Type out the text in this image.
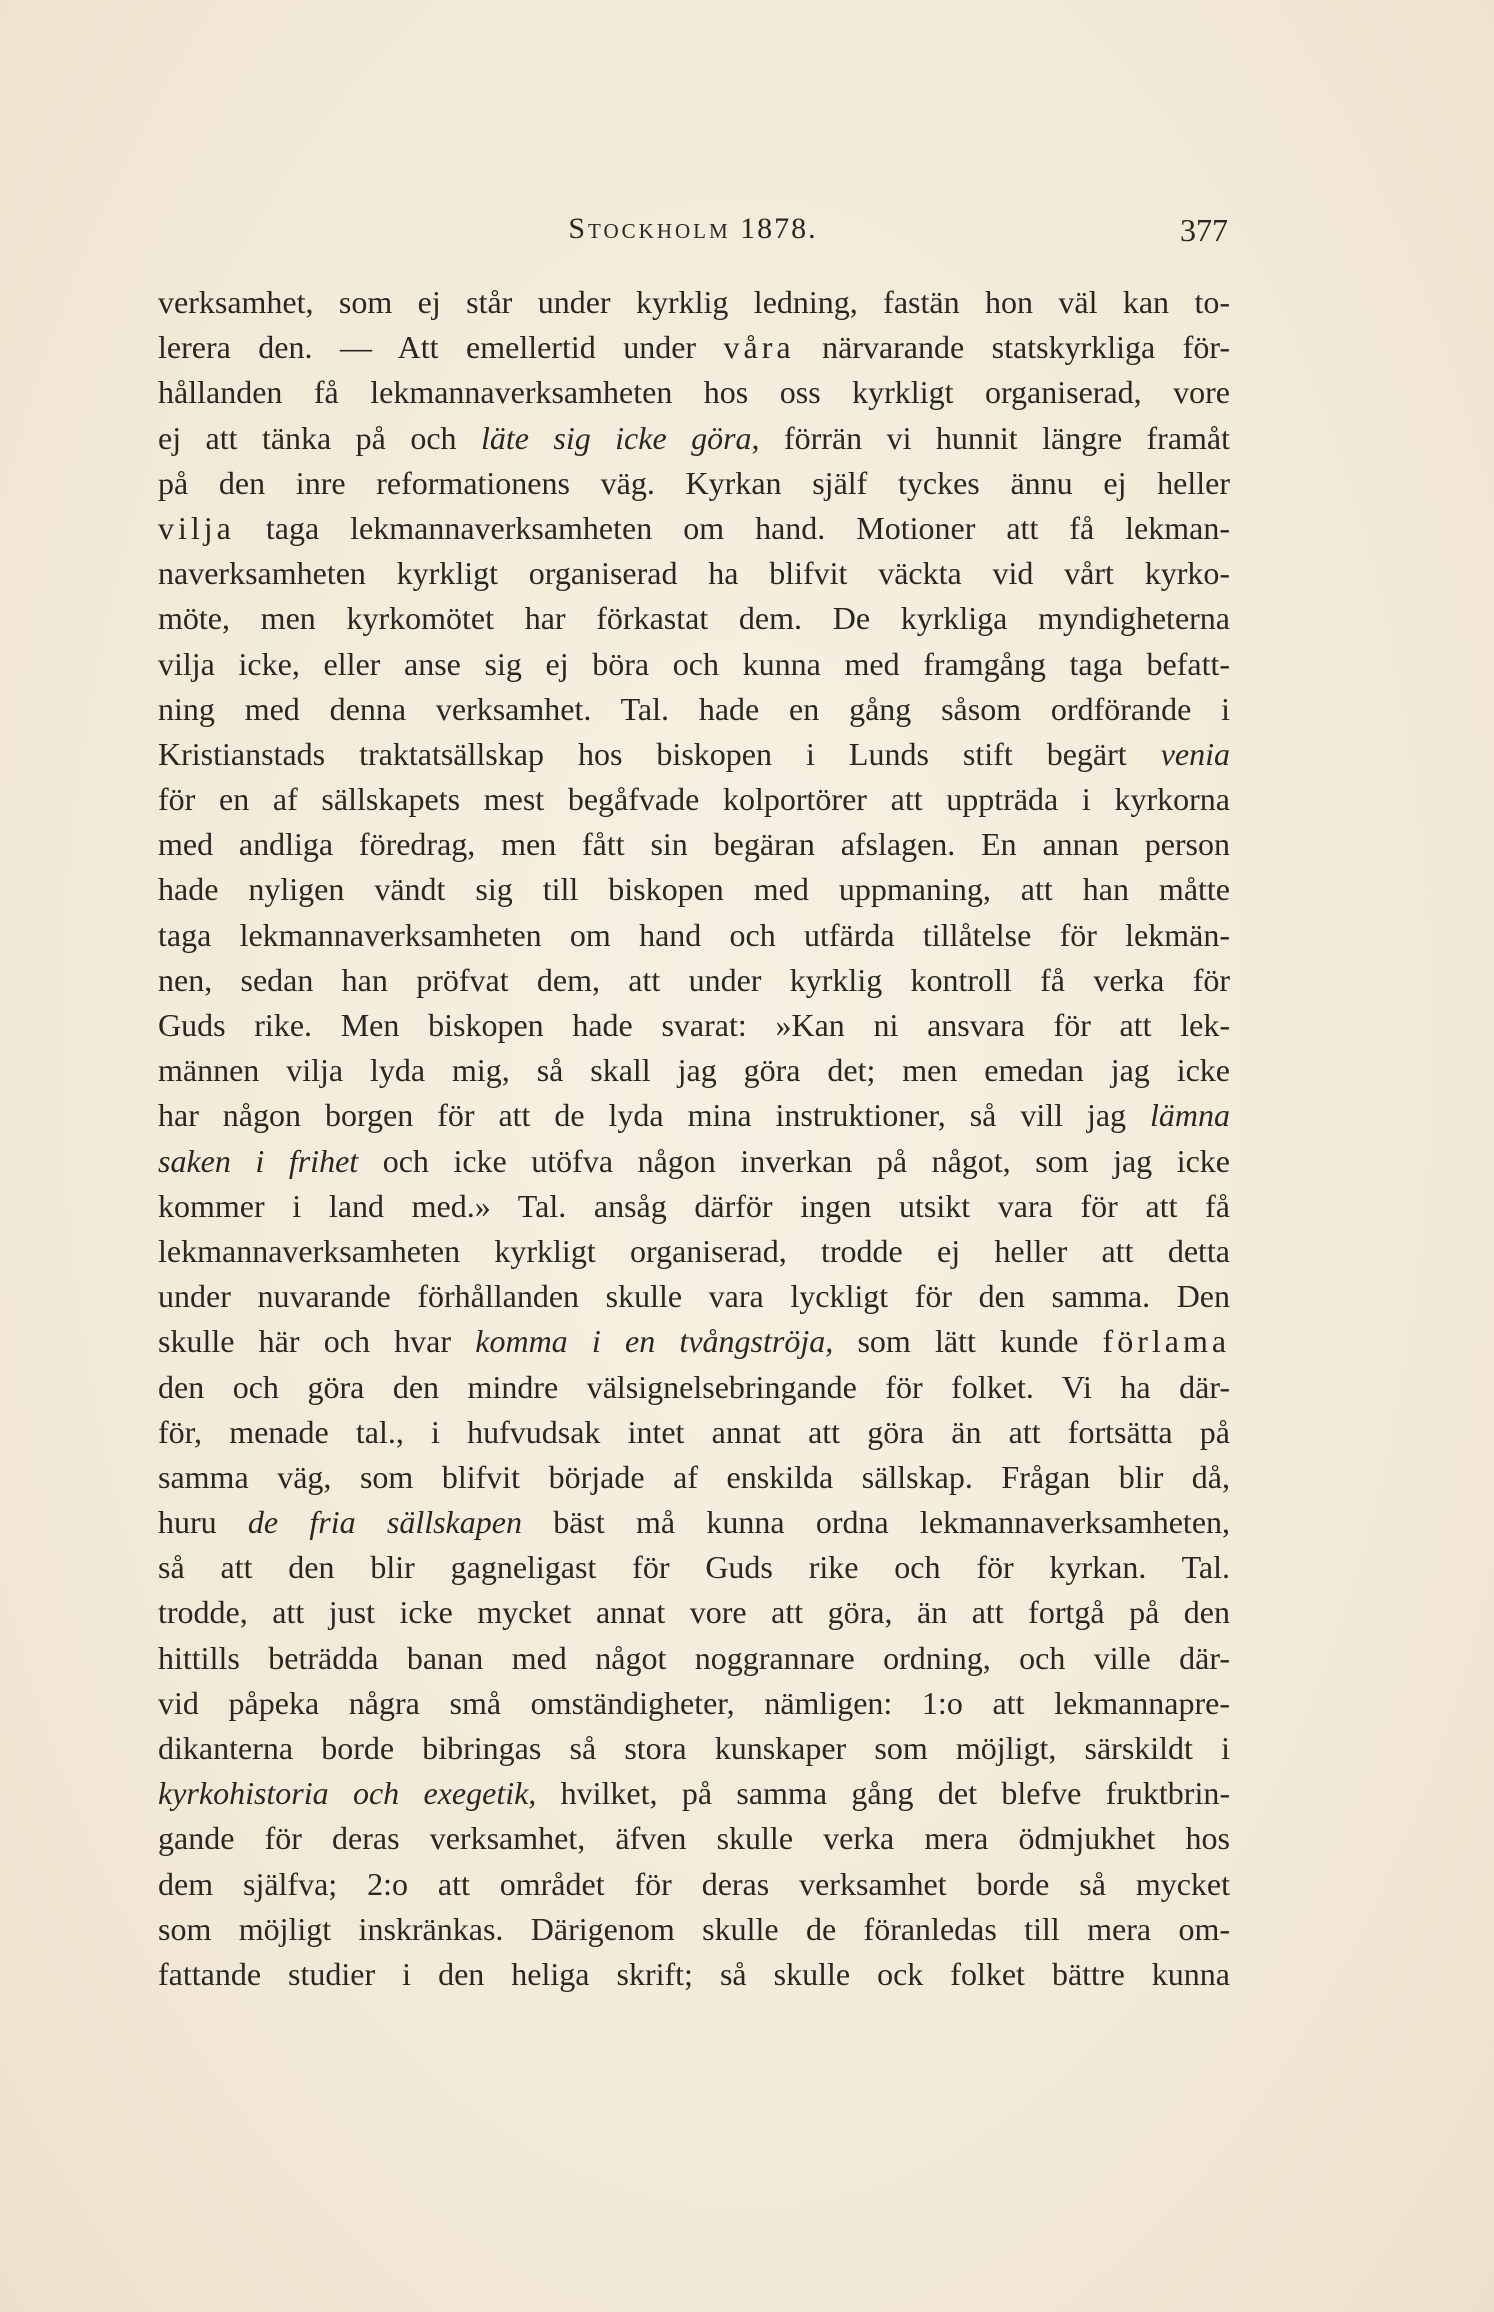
Stockholm 1878.	377
verksamhet, som ej står under kyrklig ledning, fastän hon väl kan to-
lerera den. — Att emellertid under våra närvarande statskyrkliga för-
hållanden få lekmannaverksamheten hos oss kyrkligt organiserad, vore
ej att tänka på och läte sig icke göra, förrän vi hunnit längre framåt
på den inre reformationens väg. Kyrkan själf tyckes ännu ej heller
vilja taga lekmannaverksamheten om hand. Motioner att få lekman-
naverksamheten kyrkligt organiserad ha blifvit väckta vid vårt kyrko-
möte, men kyrkomötet har förkastat dem. De kyrkliga myndigheterna
vilja icke, eller anse sig ej böra och kunna med framgång taga befatt-
ning med denna verksamhet. Tal. hade en gång såsom ordförande i
Kristianstads traktatsällskap hos biskopen i Lunds stift begärt venia
för en af sällskapets mest begåfvade kolportörer att uppträda i kyrkorna
med andliga föredrag, men fått sin begäran afslagen. En annan person
hade nyligen vändt sig till biskopen med uppmaning, att han måtte
taga lekmannaverksamheten om hand och utfärda tillåtelse för lekmän-
nen, sedan han pröfvat dem, att under kyrklig kontroll få verka för
Guds rike. Men biskopen hade svarat: »Kan ni ansvara för att lek-
männen vilja lyda mig, så skall jag göra det; men emedan jag icke
har någon borgen för att de lyda mina instruktioner, så vill jag lämna
saken i frihet och icke utöfva någon inverkan på något, som jag icke
kommer i land med.» Tal. ansåg därför ingen utsikt vara för att få
lekmannaverksamheten kyrkligt organiserad, trodde ej heller att detta
under nuvarande förhållanden skulle vara lyckligt för den samma. Den
skulle här och hvar komma i en tvångströja, som lätt kunde förlama
den och göra den mindre välsignelsebringande för folket. Vi ha där-
för, menade tal., i hufvudsak intet annat att göra än att fortsätta på
samma väg, som blifvit började af enskilda sällskap. Frågan blir då,
huru de fria sällskapen bäst må kunna ordna lekmannaverksamheten,
så att den blir gagneligast för Guds rike och för kyrkan. Tal.
trodde, att just icke mycket annat vore att göra, än att fortgå på den
hittills beträdda banan med något noggrannare ordning, och ville där-
vid påpeka några små omständigheter, nämligen: 1:o att lekmannapre-
dikanterna borde bibringas så stora kunskaper som möjligt, särskildt i
kyrkohistoria och exegetik, hvilket, på samma gång det blefve fruktbrin-
gande för deras verksamhet, äfven skulle verka mera ödmjukhet hos
dem själfva; 2:o att området för deras verksamhet borde så mycket
som möjligt inskränkas. Därigenom skulle de föranledas till mera om-
fattande studier i den heliga skrift; så skulle ock folket bättre kunna
